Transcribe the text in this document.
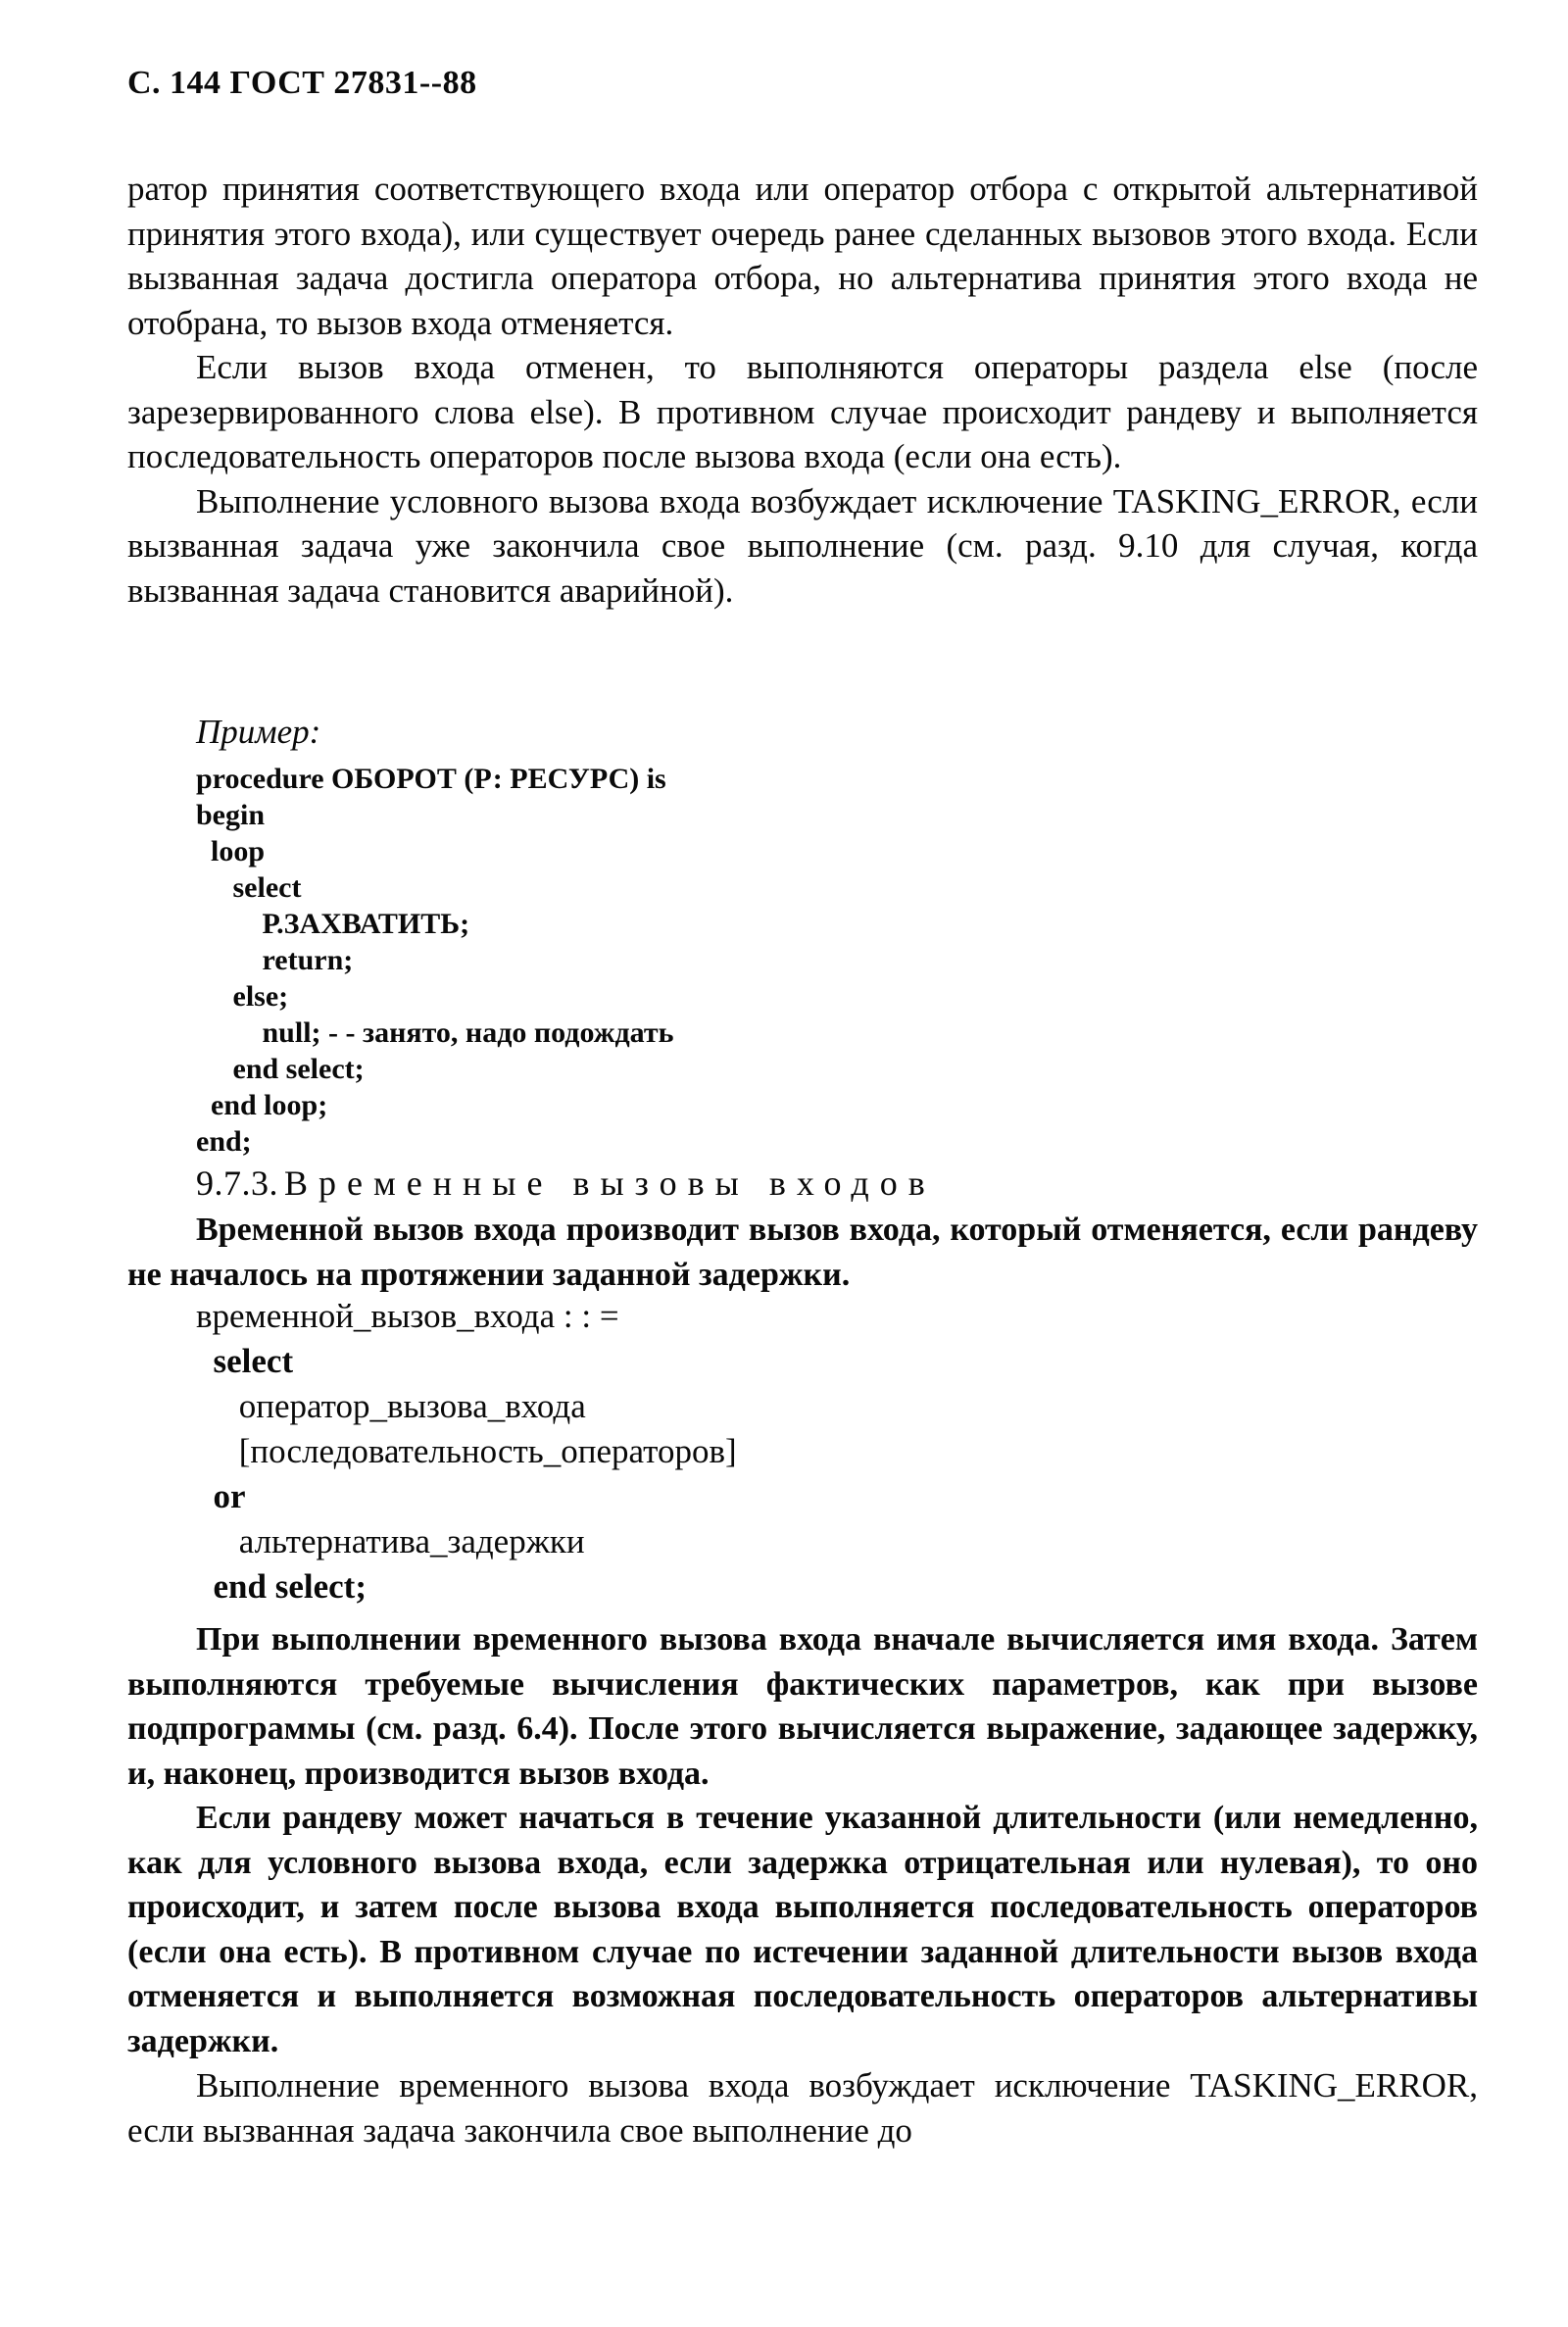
С. 144 ГОСТ 27831--88

ратор принятия соответствующего входа или оператор отбора с открытой альтернативой принятия этого входа), или существует очередь ранее сделанных вызовов этого входа. Если вызванная задача достигла оператора отбора, но альтернатива принятия этого входа не отобрана, то вызов входа отменяется.

Если вызов входа отменен, то выполняются операторы раздела else (после зарезервированного слова else). В противном случае происходит рандеву и выполняется последовательность операторов после вызова входа (если она есть).

Выполнение условного вызова входа возбуждает исключение TASKING_ERROR, если вызванная задача уже закончила свое выполнение (см. разд. 9.10 для случая, когда вызванная задача становится аварийной).

Пример:
procedure ОБОРОТ (Р: РЕСУРС) is
begin
loop
select
Р.ЗАХВАТИТЬ;
return;
else;
null; - - занято, надо подождать
end select;
end loop;
end;
9.7.3. Временные вызовы входов

Временной вызов входа производит вызов входа, который отменяется, если рандеву не началось на протяжении заданной задержки.

временной_вызов_входа : : =
select
оператор_вызова_входа
[последовательность_операторов]
or
альтернатива_задержки
end select;

При выполнении временного вызова входа вначале вычисляется имя входа. Затем выполняются требуемые вычисления фактических параметров, как при вызове подпрограммы (см. разд. 6.4). После этого вычисляется выражение, задающее задержку, и, наконец, производится вызов входа.

Если рандеву может начаться в течение указанной длительности (или немедленно, как для условного вызова входа, если задержка отрицательная или нулевая), то оно происходит, и затем после вызова входа выполняется последовательность операторов (если она есть). В противном случае по истечении заданной длительности вызов входа отменяется и выполняется возможная последовательность операторов альтернативы задержки.

Выполнение временного вызова входа возбуждает исключение TASKING_ERROR, если вызванная задача закончила свое выполнение до
